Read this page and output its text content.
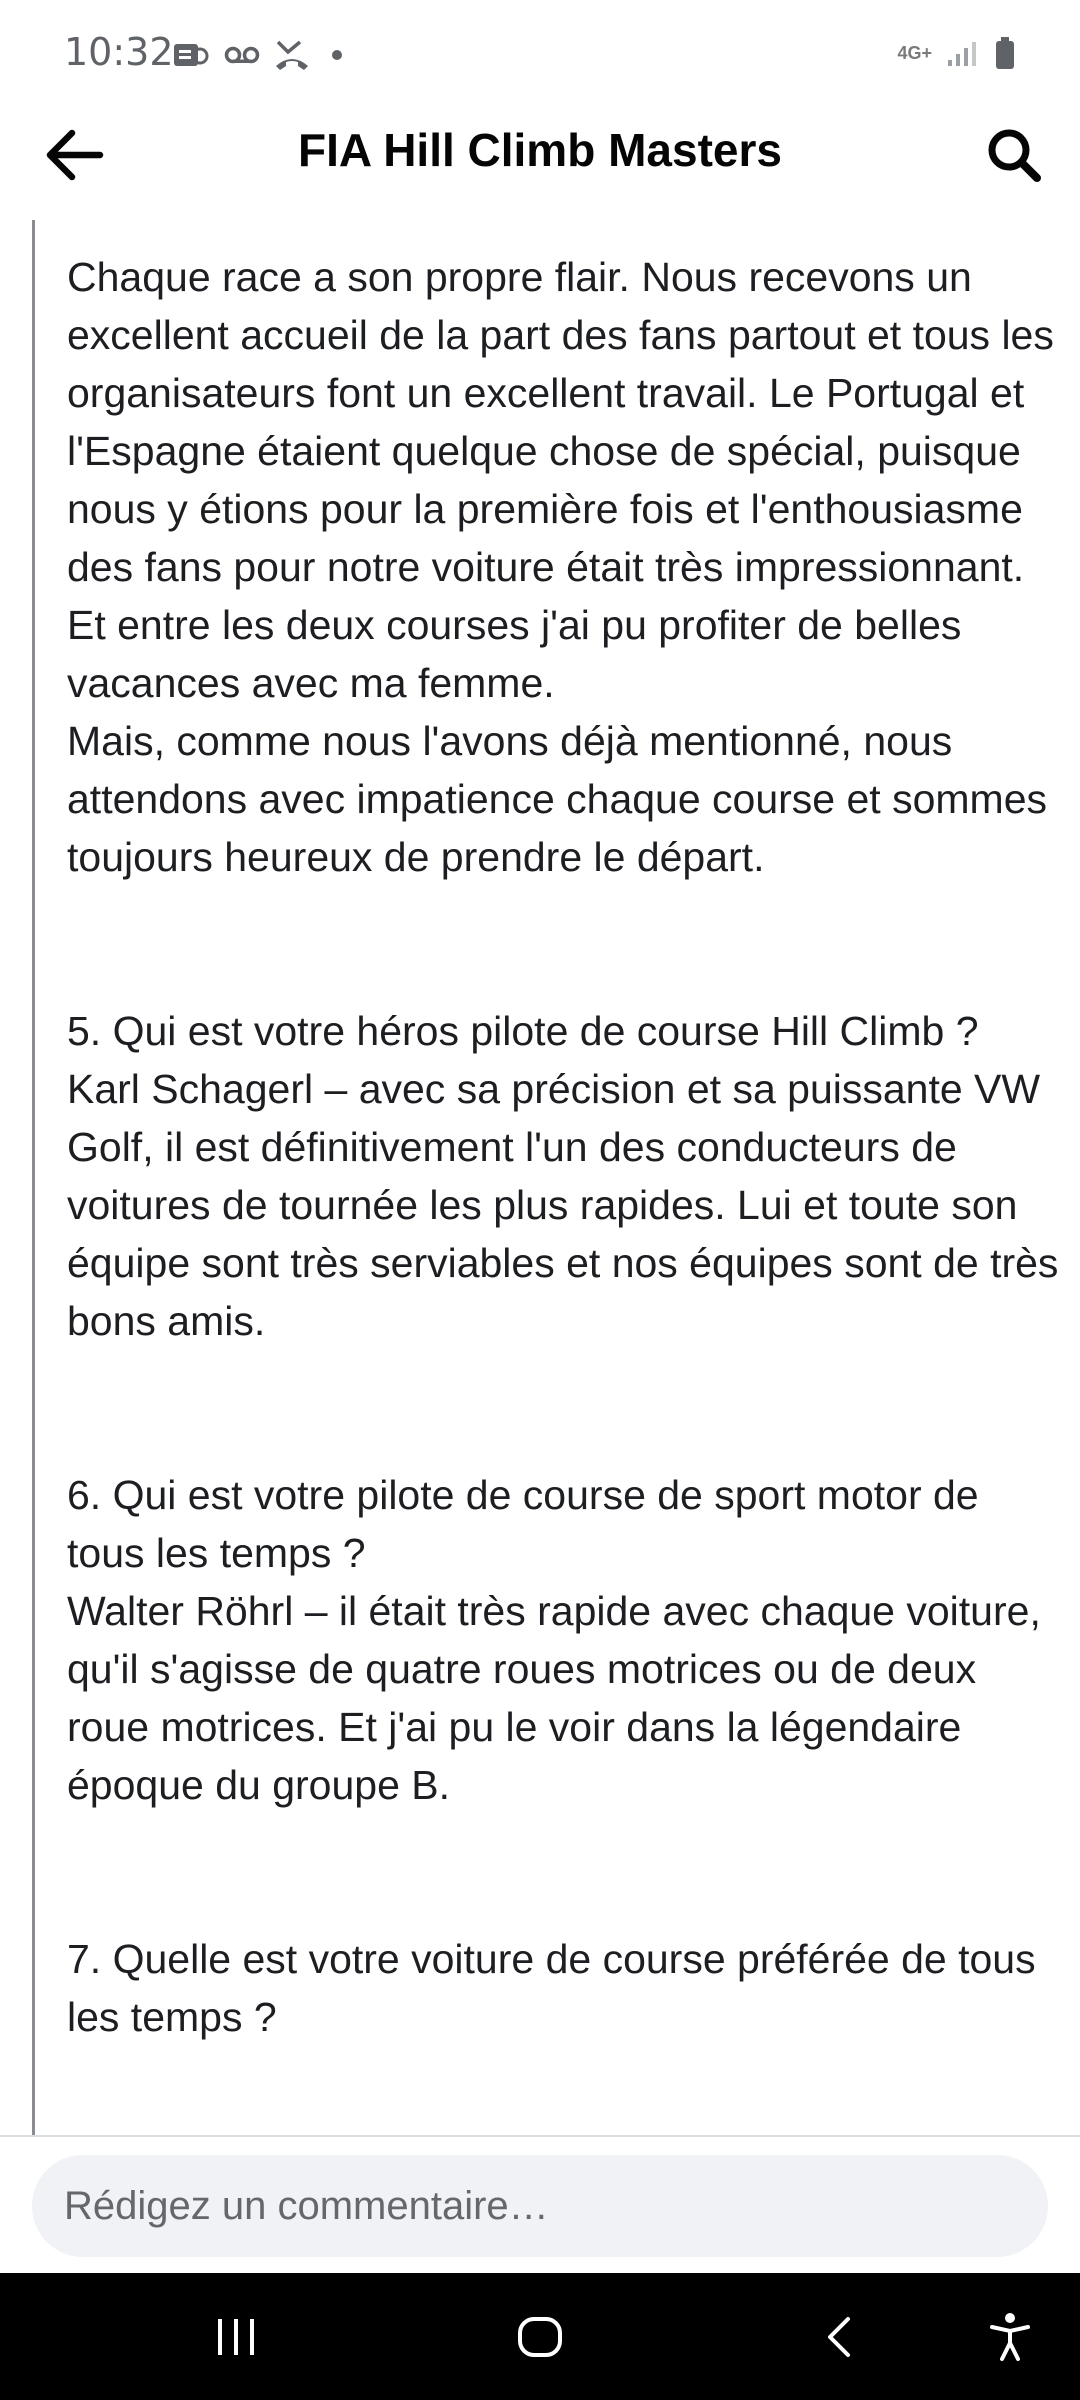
10:32	4G+
FIA Hill Climb Masters

Chaque race a son propre flair. Nous recevons un excellent accueil de la part des fans partout et tous les organisateurs font un excellent travail. Le Portugal et l'Espagne étaient quelque chose de spécial, puisque nous y étions pour la première fois et l'enthousiasme des fans pour notre voiture était très impressionnant. Et entre les deux courses j'ai pu profiter de belles vacances avec ma femme.
Mais, comme nous l'avons déjà mentionné, nous attendons avec impatience chaque course et sommes toujours heureux de prendre le départ.

5. Qui est votre héros pilote de course Hill Climb ?
Karl Schagerl – avec sa précision et sa puissante VW Golf, il est définitivement l'un des conducteurs de voitures de tournée les plus rapides. Lui et toute son équipe sont très serviables et nos équipes sont de très bons amis.

6. Qui est votre pilote de course de sport motor de tous les temps ?
Walter Röhrl – il était très rapide avec chaque voiture, qu'il s'agisse de quatre roues motrices ou de deux roue motrices. Et j'ai pu le voir dans la légendaire époque du groupe B.

7. Quelle est votre voiture de course préférée de tous les temps ?

Rédigez un commentaire…
